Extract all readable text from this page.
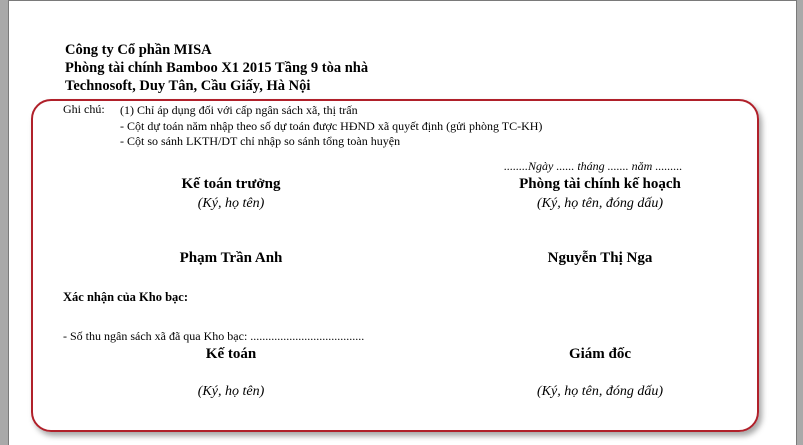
Công ty Cổ phần MISA
Phòng tài chính Bamboo X1 2015 Tầng 9 tòa nhà
Technosoft, Duy Tân, Cầu Giấy, Hà Nội
Ghi chú: (1) Chỉ áp dụng đối với cấp ngân sách xã, thị trấn
- Cột dự toán năm nhập theo số dự toán được HĐND xã quyết định (gửi phòng TC-KH)
- Cột so sánh LKTH/DT chỉ nhập so sánh tổng toàn huyện
........Ngày ...... tháng ....... năm .........
Kế toán trưởng
(Ký, họ tên)
Phạm Trần Anh
Phòng tài chính kế hoạch
(Ký, họ tên, đóng dấu)
Nguyễn Thị Nga
Xác nhận của Kho bạc:
- Số thu ngân sách xã đã qua Kho bạc: ......................................
Kế toán
(Ký, họ tên)
Giám đốc
(Ký, họ tên, đóng dấu)
